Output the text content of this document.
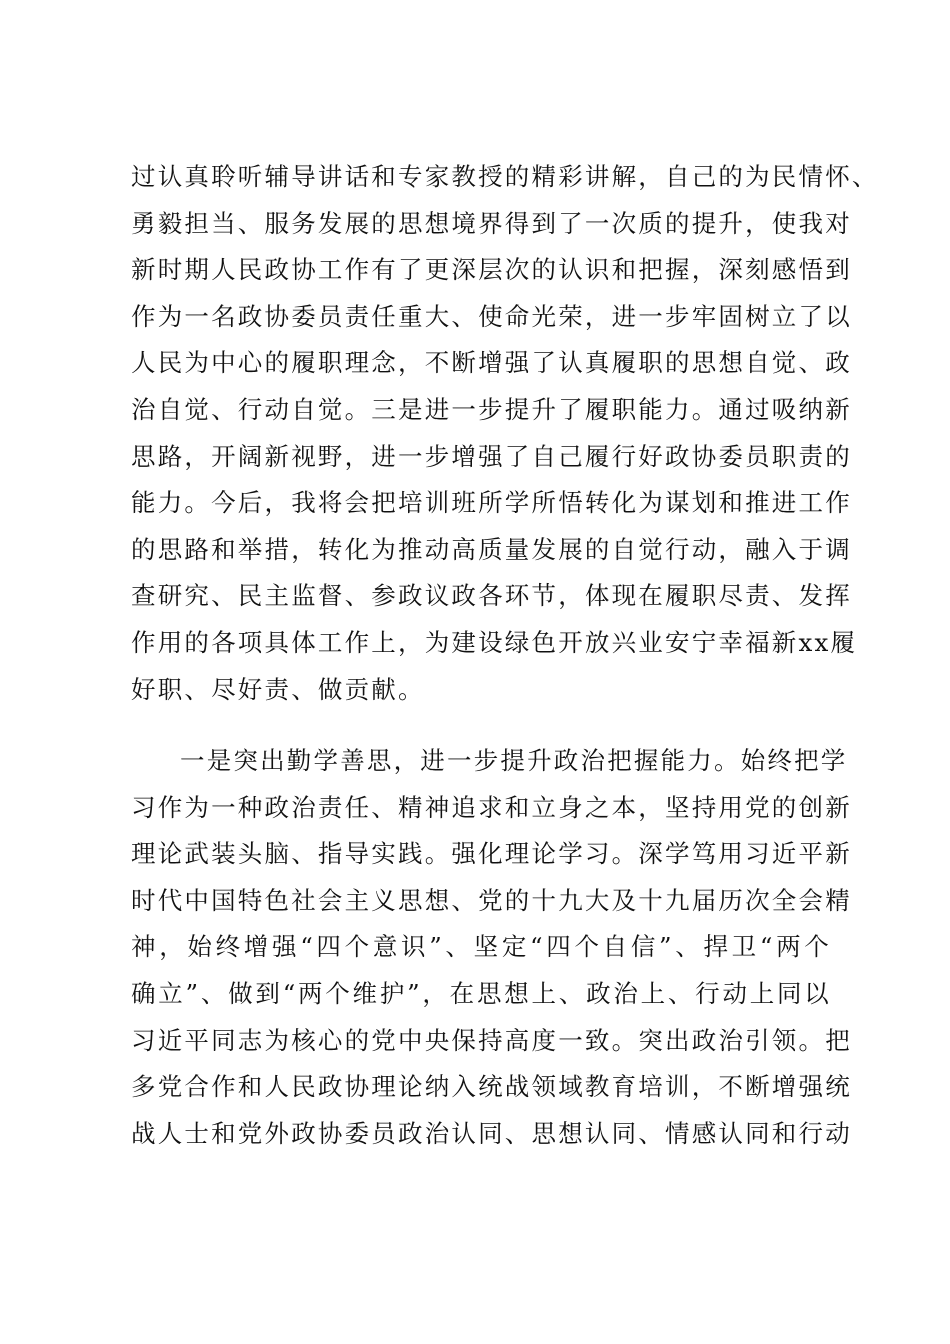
过认真聆听辅导讲话和专家教授的精彩讲解，自己的为民情怀、
勇毅担当、服务发展的思想境界得到了一次质的提升，使我对
新时期人民政协工作有了更深层次的认识和把握，深刻感悟到
作为一名政协委员责任重大、使命光荣，进一步牢固树立了以
人民为中心的履职理念，不断增强了认真履职的思想自觉、政
治自觉、行动自觉。三是进一步提升了履职能力。通过吸纳新
思路，开阔新视野，进一步增强了自己履行好政协委员职责的
能力。今后，我将会把培训班所学所悟转化为谋划和推进工作
的思路和举措，转化为推动高质量发展的自觉行动，融入于调
查研究、民主监督、参政议政各环节，体现在履职尽责、发挥
作用的各项具体工作上，为建设绿色开放兴业安宁幸福新xx履
好职、尽好责、做贡献。
一是突出勤学善思，进一步提升政治把握能力。始终把学
习作为一种政治责任、精神追求和立身之本，坚持用党的创新
理论武装头脑、指导实践。强化理论学习。深学笃用习近平新
时代中国特色社会主义思想、党的十九大及十九届历次全会精
神，始终增强“四个意识”、坚定“四个自信”、捍卫“两个
确立”、做到“两个维护”，在思想上、政治上、行动上同以
习近平同志为核心的党中央保持高度一致。突出政治引领。把
多党合作和人民政协理论纳入统战领域教育培训，不断增强统
战人士和党外政协委员政治认同、思想认同、情感认同和行动
